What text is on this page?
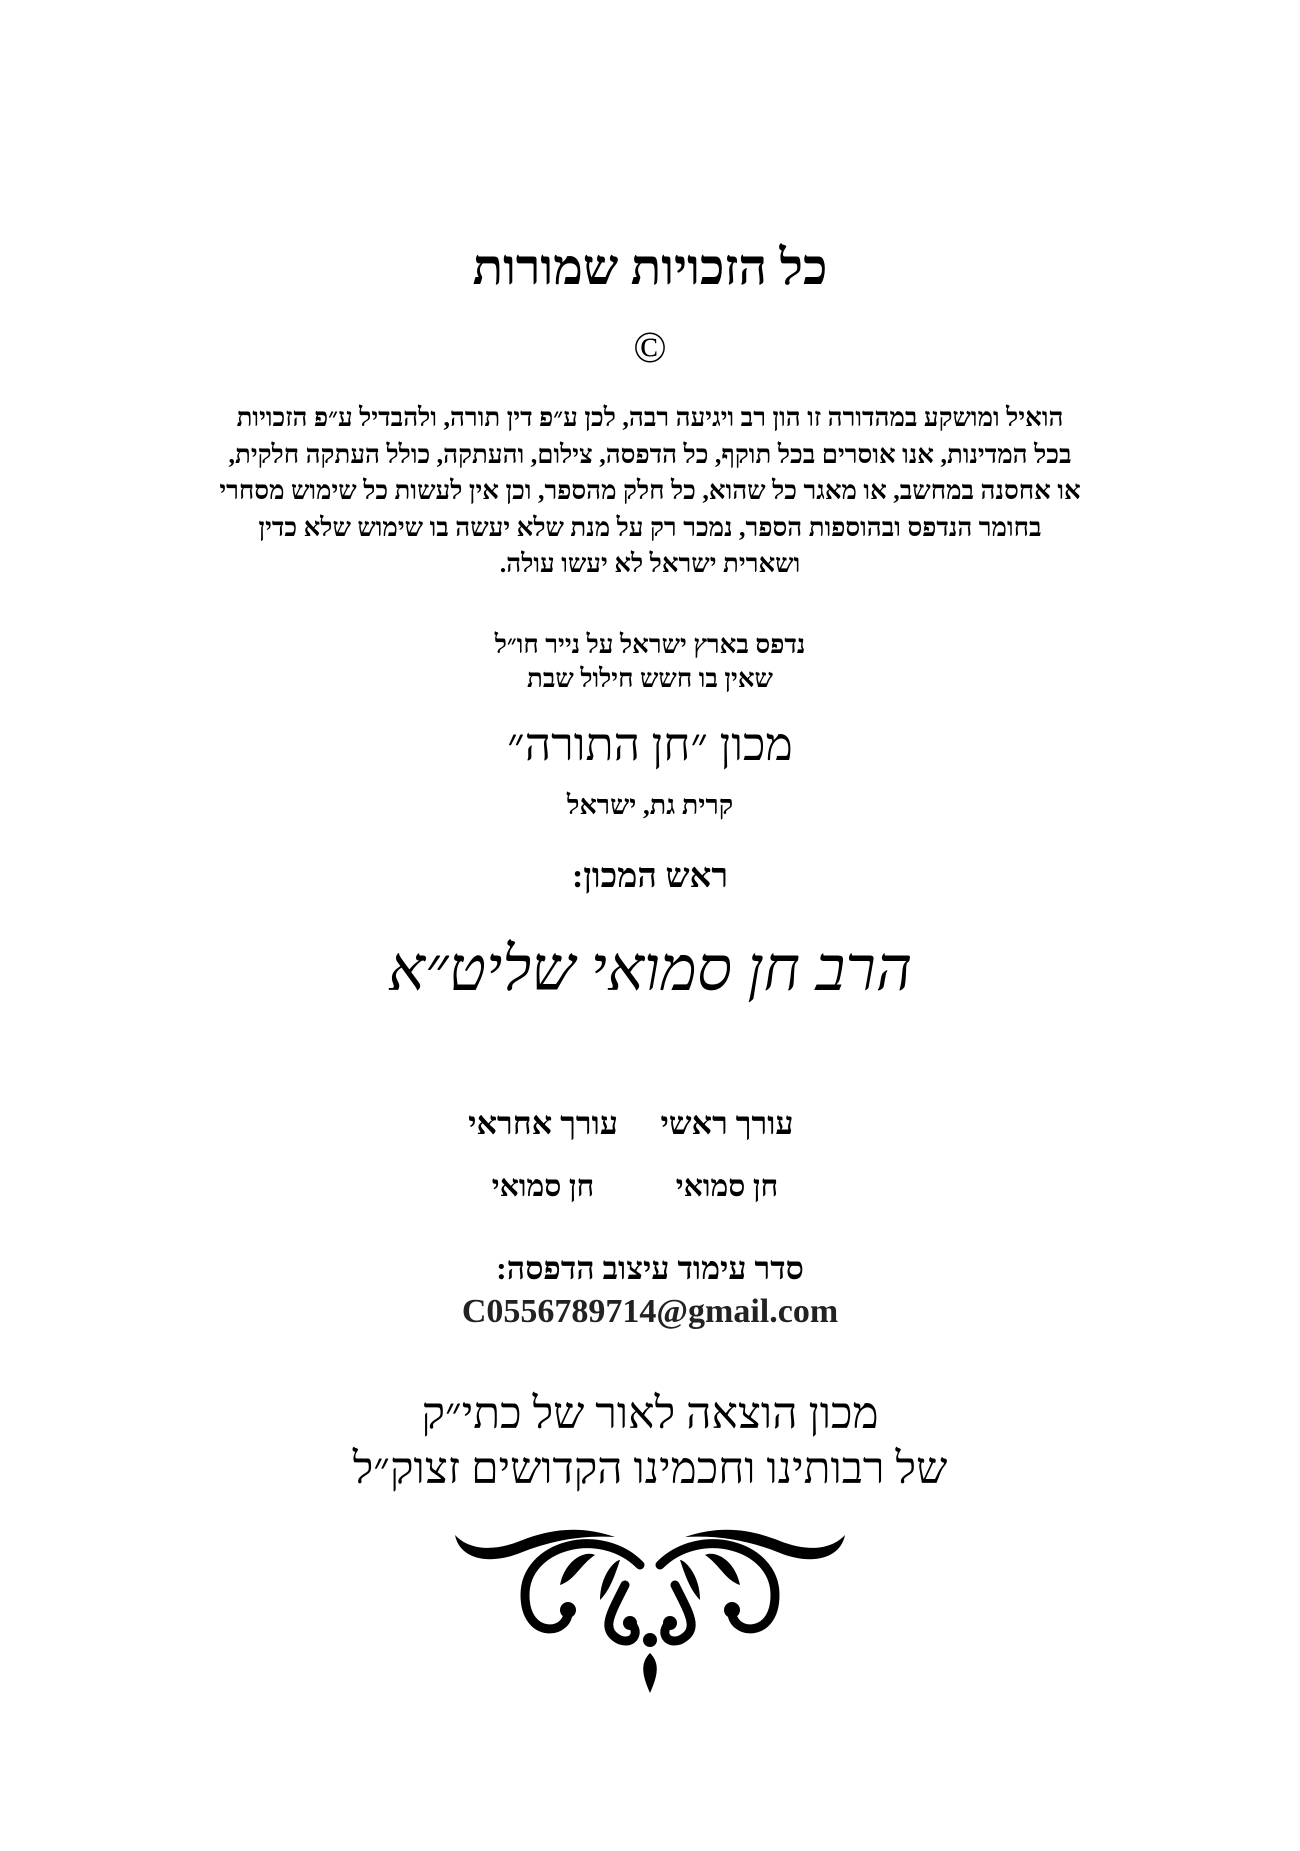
כל הזכויות שמורות
©
הואיל ומושקע במהדורה זו הון רב ויגיעה רבה, לכן ע״פ דין תורה, ולהבדיל ע״פ הזכויות
בכל המדינות, אנו אוסרים בכל תוקף, כל הדפסה, צילום, והעתקה, כולל העתקה חלקית,
או אחסנה במחשב, או מאגר כל שהוא, כל חלק מהספר, וכן אין לעשות כל שימוש מסחרי
בחומר הנדפס ובהוספות הספר, נמכר רק על מנת שלא יעשה בו שימוש שלא כדין
ושארית ישראל לא יעשו עולה.
נדפס בארץ ישראל על נייר חו״ל
שאין בו חשש חילול שבת
מכון ״חן התורה״
קרית גת, ישראל
ראש המכון:
הרב חן סמואי שליט״א
עורך ראשי
עורך אחראי
חן סמואי
חן סמואי
סדר עימוד עיצוב הדפסה:
C0556789714@gmail.com
מכון הוצאה לאור של כתי״ק
של רבותינו וחכמינו הקדושים זצוק״ל
